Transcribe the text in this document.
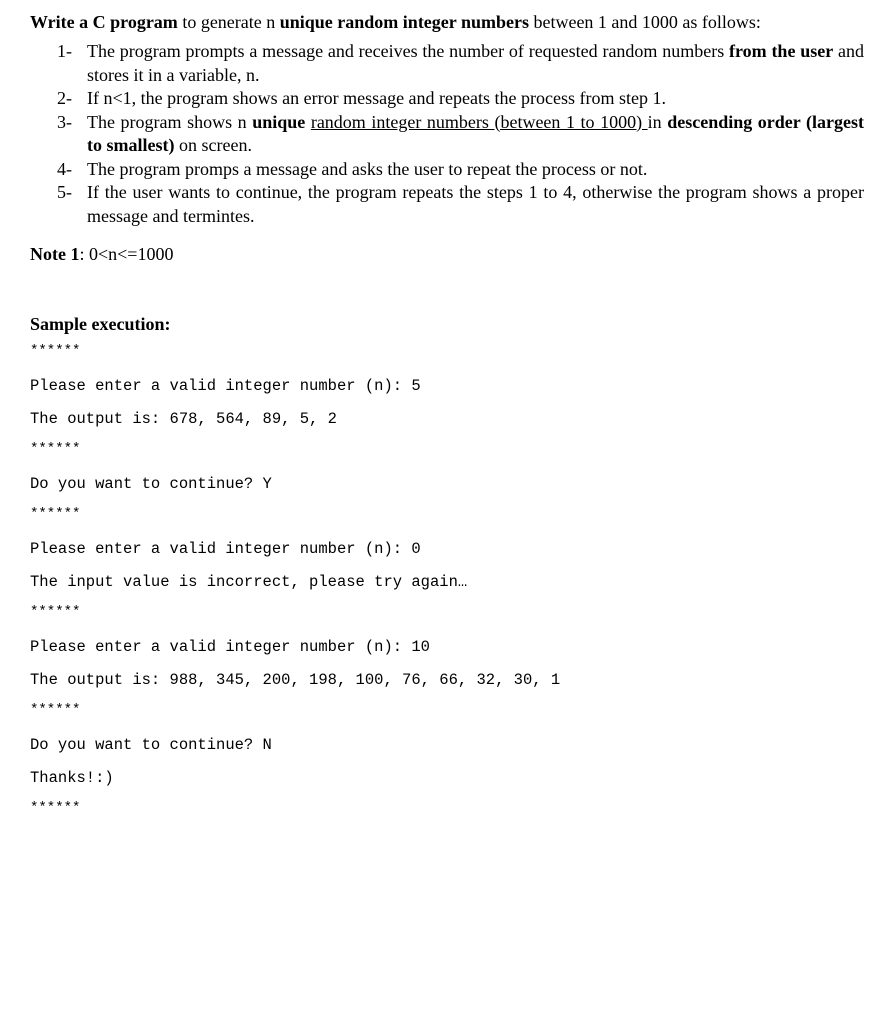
Write a C program to generate n unique random integer numbers between 1 and 1000 as follows:

1- The program prompts a message and receives the number of requested random numbers from the user and stores it in a variable, n.
2- If n<1, the program shows an error message and repeats the process from step 1.
3- The program shows n unique random integer numbers (between 1 to 1000) in descending order (largest to smallest) on screen.
4- The program promps a message and asks the user to repeat the process or not.
5- If the user wants to continue, the program repeats the steps 1 to 4, otherwise the program shows a proper message and termintes.
Note 1: 0<n<=1000
Sample execution:
******
Please enter a valid integer number (n): 5
The output is: 678, 564, 89, 5, 2
******
Do you want to continue? Y
******
Please enter a valid integer number (n): 0
The input value is incorrect, please try again…
******
Please enter a valid integer number (n): 10
The output is: 988, 345, 200, 198, 100, 76, 66, 32, 30, 1
******
Do you want to continue? N
Thanks!:)
******
